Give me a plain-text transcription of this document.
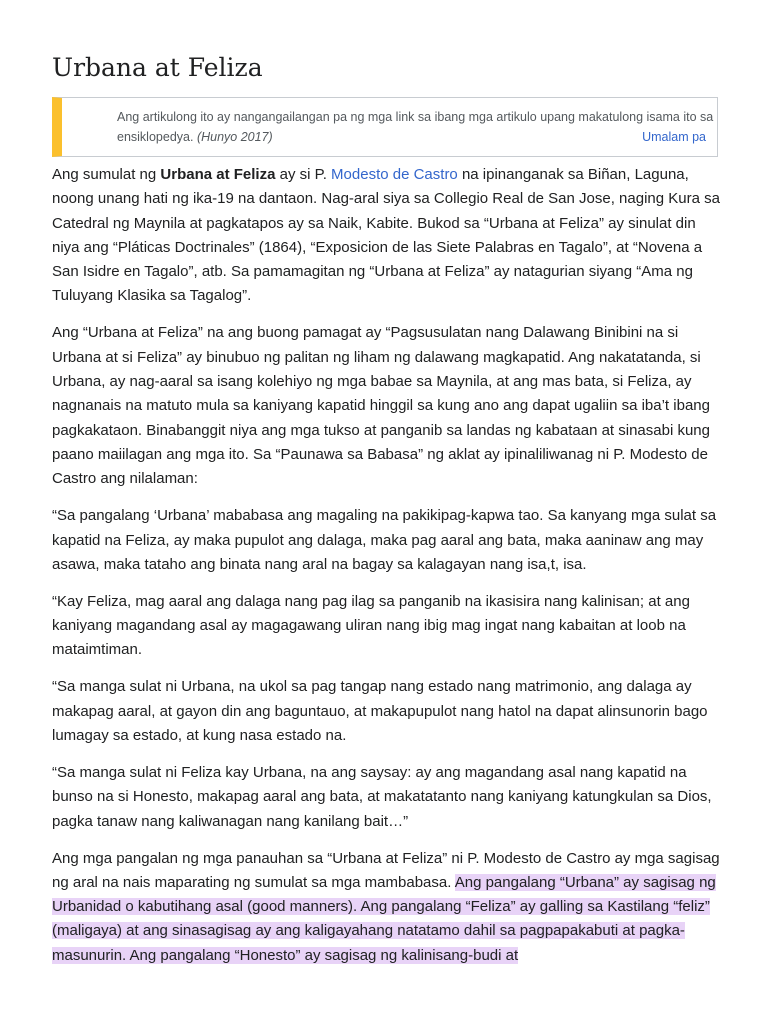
Urbana at Feliza

Ang artikulong ito ay nangangailangan pa ng mga link sa ibang mga artikulo upang makatulong isama ito sa ensiklopedya. (Hunyo 2017)	Umalam pa

Ang sumulat ng Urbana at Feliza ay si P. Modesto de Castro na ipinanganak sa Biñan, Laguna, noong unang hati ng ika-19 na dantaon. Nag-aral siya sa Collegio Real de San Jose, naging Kura sa Catedral ng Maynila at pagkatapos ay sa Naik, Kabite. Bukod sa “Urbana at Feliza” ay sinulat din niya ang “Pláticas Doctrinales” (1864), “Exposicion de las Siete Palabras en Tagalo”, at “Novena a San Isidre en Tagalo”, atb. Sa pamamagitan ng “Urbana at Feliza” ay natagurian siyang “Ama ng Tuluyang Klasika sa Tagalog”.

Ang “Urbana at Feliza” na ang buong pamagat ay “Pagsusulatan nang Dalawang Binibini na si Urbana at si Feliza” ay binubuo ng palitan ng liham ng dalawang magkapatid. Ang nakatatanda, si Urbana, ay nag-aaral sa isang kolehiyo ng mga babae sa Maynila, at ang mas bata, si Feliza, ay nagnanais na matuto mula sa kaniyang kapatid hinggil sa kung ano ang dapat ugaliin sa iba’t ibang pagkakataon. Binabanggit niya ang mga tukso at panganib sa landas ng kabataan at sinasabi kung paano maiilagan ang mga ito. Sa “Paunawa sa Babasa” ng aklat ay ipinaliliwanag ni P. Modesto de Castro ang nilalaman:

“Sa pangalang ‘Urbana’ mababasa ang magaling na pakikipag-kapwa tao. Sa kanyang mga sulat sa kapatid na Feliza, ay maka pupulot ang dalaga, maka pag aaral ang bata, maka aaninaw ang may asawa, maka tataho ang binata nang aral na bagay sa kalagayan nang isa,t, isa.

“Kay Feliza, mag aaral ang dalaga nang pag ilag sa panganib na ikasisira nang kalinisan; at ang kaniyang magandang asal ay magagawang uliran nang ibig mag ingat nang kabaitan at loob na mataimtiman.

“Sa manga sulat ni Urbana, na ukol sa pag tangap nang estado nang matrimonio, ang dalaga ay makapag aaral, at gayon din ang baguntauo, at makapupulot nang hatol na dapat alinsunorin bago lumagay sa estado, at kung nasa estado na.

“Sa manga sulat ni Feliza kay Urbana, na ang saysay: ay ang magandang asal nang kapatid na bunso na si Honesto, makapag aaral ang bata, at makatatanto nang kaniyang katungkulan sa Dios, pagka tanaw nang kaliwanagan nang kanilang bait…”

Ang mga pangalan ng mga panauhan sa “Urbana at Feliza” ni P. Modesto de Castro ay mga sagisag ng aral na nais maparating ng sumulat sa mga mambabasa. Ang pangalang “Urbana” ay sagisag ng Urbanidad o kabutihang asal (good manners). Ang pangalang “Feliza” ay galling sa Kastilang “feliz” (maligaya) at ang sinasagisag ay ang kaligayahang natatamo dahil sa pagpapakabuti at pagka-masunurin. Ang pangalang “Honesto” ay sagisag ng kalinisang-budi at
